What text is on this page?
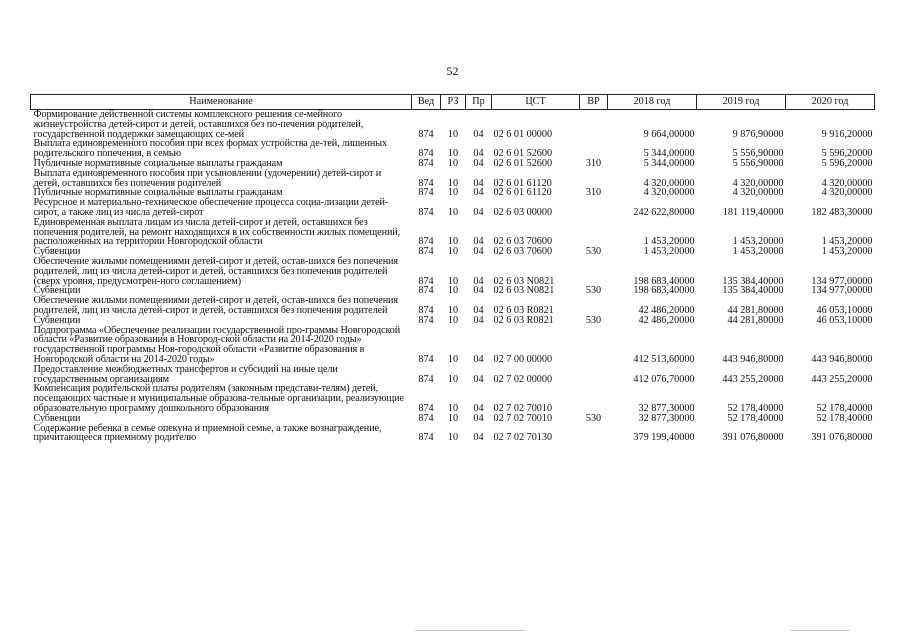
52
Наименование	Вед	РЗ	Пр	ЦСТ	ВР	2018 год	2019 год	2020 год
Формирование действенной системы комплексного решения се-мейного жизнеустройства детей-сирот и детей, оставшихся без по-печения родителей, государственной поддержки замещающих се-мей	874	10	04	02 6 01 00000		9 664,00000	9 876,90000	9 916,20000
Выплата единовременного пособия при всех формах устройства де-тей, лишенных родительского попечения, в семью	874	10	04	02 6 01 52600		5 344,00000	5 556,90000	5 596,20000
Публичные нормативные социальные выплаты гражданам	874	10	04	02 6 01 52600	310	5 344,00000	5 556,90000	5 596,20000
Выплата единовременного пособия при усыновлении (удочерении) детей-сирот и детей, оставшихся без попечения родителей	874	10	04	02 6 01 61120		4 320,00000	4 320,00000	4 320,00000
Публичные нормативные социальные выплаты гражданам	874	10	04	02 6 01 61120	310	4 320,00000	4 320,00000	4 320,00000
Ресурсное и материально-техническое обеспечение процесса социа-лизации детей-сирот, а также лиц из числа детей-сирот	874	10	04	02 6 03 00000		242 622,80000	181 119,40000	182 483,30000
Единовременная выплата лицам из числа детей-сирот и детей, оставшихся без попечения родителей, на ремонт находящихся в их собственности жилых помещений, расположенных на территории Новгородской области	874	10	04	02 6 03 70600		1 453,20000	1 453,20000	1 453,20000
Субвенции	874	10	04	02 6 03 70600	530	1 453,20000	1 453,20000	1 453,20000
Обеспечение жилыми помещениями детей-сирот и детей, остав-шихся без попечения родителей, лиц из числа детей-сирот и детей, оставшихся без попечения родителей (сверх уровня, предусмотрен-ного соглашением)	874	10	04	02 6 03 N0821		198 683,40000	135 384,40000	134 977,00000
Субвенции	874	10	04	02 6 03 N0821	530	198 683,40000	135 384,40000	134 977,00000
Обеспечение жилыми помещениями детей-сирот и детей, остав-шихся без попечения родителей, лиц из числа детей-сирот и детей, оставшихся без попечения родителей	874	10	04	02 6 03 R0821		42 486,20000	44 281,80000	46 053,10000
Субвенции	874	10	04	02 6 03 R0821	530	42 486,20000	44 281,80000	46 053,10000
Подпрограмма «Обеспечение реализации государственной про-граммы Новгородской области «Развитие образования в Новгород-ской области на 2014-2020 годы» государственной программы Нов-городской области «Развитие образования в Новгородской области на 2014-2020 годы»	874	10	04	02 7 00 00000		412 513,60000	443 946,80000	443 946,80000
Предоставление межбюджетных трансфертов и субсидий на иные цели государственным организациям	874	10	04	02 7 02 00000		412 076,70000	443 255,20000	443 255,20000
Компенсация родительской платы родителям (законным представи-телям) детей, посещающих частные и муниципальные образова-тельные организации, реализующие образовательную программу дошкольного образования	874	10	04	02 7 02 70010		32 877,30000	52 178,40000	52 178,40000
Субвенции	874	10	04	02 7 02 70010	530	32 877,30000	52 178,40000	52 178,40000
Содержание ребенка в семье опекуна и приемной семье, а также вознаграждение, причитающееся приемному родителю	874	10	04	02 7 02 70130		379 199,40000	391 076,80000	391 076,80000
